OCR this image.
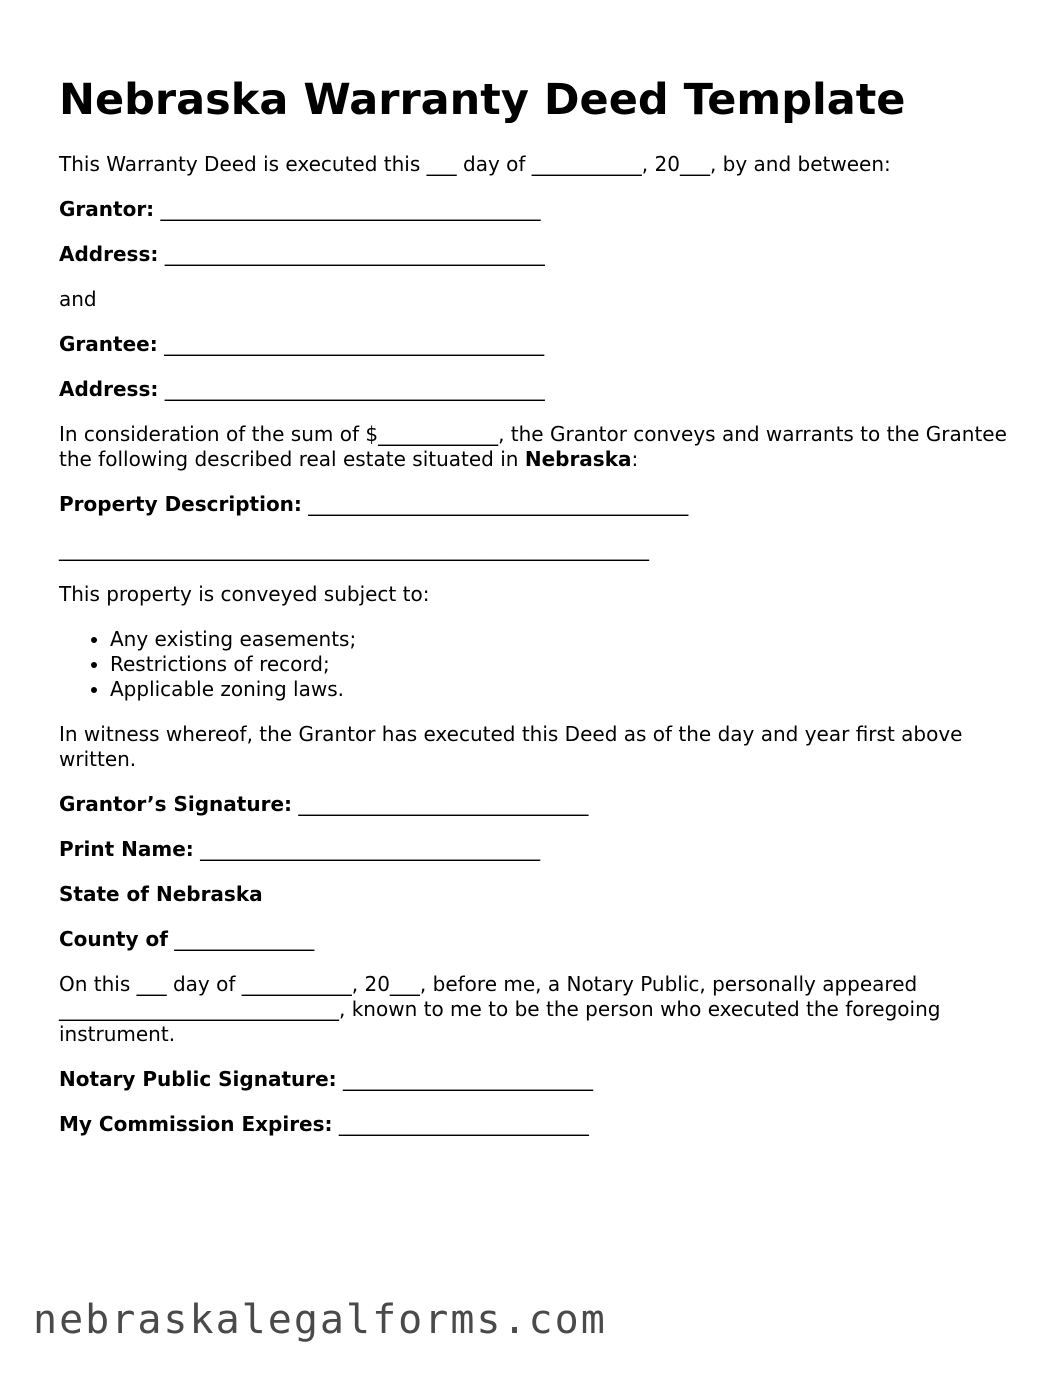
Nebraska Warranty Deed Template

This Warranty Deed is executed this ___ day of ___________, 20___, by and between:

Grantor: ______________________________________

Address: ______________________________________

and

Grantee: ______________________________________

Address: ______________________________________

In consideration of the sum of $____________, the Grantor conveys and warrants to the Grantee the following described real estate situated in Nebraska:

Property Description: ______________________________________

___________________________________________________________

This property is conveyed subject to:

• Any existing easements;
• Restrictions of record;
• Applicable zoning laws.

In witness whereof, the Grantor has executed this Deed as of the day and year first above written.

Grantor’s Signature: _____________________________

Print Name: __________________________________

State of Nebraska

County of ______________

On this ___ day of ___________, 20___, before me, a Notary Public, personally appeared ____________________________, known to me to be the person who executed the foregoing instrument.

Notary Public Signature: _________________________

My Commission Expires: _________________________

nebraskalegalforms.com
